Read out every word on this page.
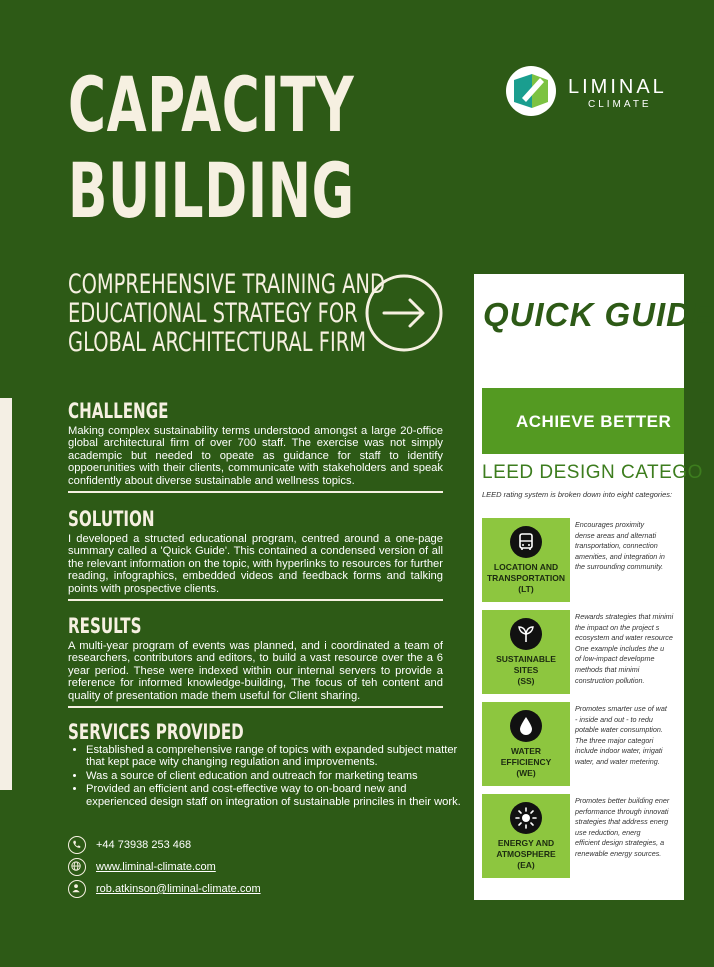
CAPACITY
BUILDING
LIMINAL
CLIMATE
COMPREHENSIVE TRAINING AND
EDUCATIONAL STRATEGY FOR
GLOBAL ARCHITECTURAL FIRM
CHALLENGE
Making complex sustainability terms understood amongst a large 20-office global architectural firm of over 700 staff. The exercise was not simply academpic but needed to opeate as guidance for staff to identify oppoerunities with their clients, communicate with stakeholders and speak confidently about diverse sustainable and wellness topics.
SOLUTION
I developed a structed educational program, centred around a one-page summary called a 'Quick Guide'. This contained a condensed version of all the relevant information on the topic, with hyperlinks to resources for further reading, infographics, embedded videos and feedback forms and talking points with prospective clients.
RESULTS
A multi-year program of events was planned, and i coordinated a team of researchers, contributors and editors, to build a vast resource over the a 6 year period. These were indexed within our internal servers to provide a reference for informed knowledge-building, The focus of teh content and quality of presentation made them useful for Client sharing.
SERVICES PROVIDED
• Established a comprehensive range of topics with expanded subject matter that kept pace wity changing regulation and improvements.
• Was a source of client education and outreach for marketing teams
• Provided an efficient and cost-effective way to on-board new and experienced design staff on integration of sustainable princiles in their work.
+44 73938 253 468
www.liminal-climate.com
rob.atkinson@liminal-climate.com
QUICK GUIDE
ACHIEVE BETTER
LEED DESIGN CATEGO
LEED rating system is broken down into eight categories:
LOCATION AND
TRANSPORTATION
(LT)
Encourages proximity
dense areas and alternati
transportation, connection
amenities, and integration in
the surrounding community.
SUSTAINABLE
SITES
(SS)
Rewards strategies that minimi
the impact on the project s
ecosystem and water resource
One example includes the u
of low-impact developme
methods that minimi
construction pollution.
WATER
EFFICIENCY
(WE)
Promotes smarter use of wat
- inside and out - to redu
potable water consumption.
The three major categori
include indoor water, irrigati
water, and water metering.
ENERGY AND
ATMOSPHERE
(EA)
Promotes better building ener
performance through innovati
strategies that address energ
use reduction, energ
efficient design strategies, a
renewable energy sources.
